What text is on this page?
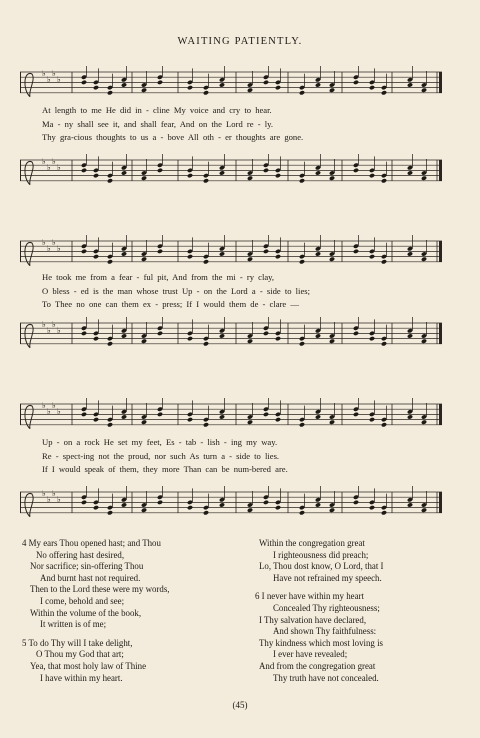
WAITING PATIENTLY.
♭
♭
♭
♭
At length to me He did in - cline My voice and cry to hear.
Ma - ny shall see it, and shall fear, And on the Lord re - ly.
Thy gra-cious thoughts to us a - bove All oth - er thoughts are gone.
♭
♭
♭
♭
♭
♭
♭
♭
He took me from a fear - ful pit, And from the mi - ry clay,
O bless - ed is the man whose trust Up - on the Lord a - side to lies;
To Thee no one can them ex - press; If I would them de - clare —
♭
♭
♭
♭
♭
♭
♭
♭
Up - on a rock He set my feet, Es - tab - lish - ing my way.
Re - spect-ing not the proud, nor such As turn a - side to lies.
If I would speak of them, they more Than can be num-bered are.
♭
♭
♭
♭
4 My ears Thou opened hast; and Thou
No offering hast desired,
Nor sacrifice; sin-offering Thou
And burnt hast not required.
Then to the Lord these were my words,
I come, behold and see;
Within the volume of the book,
It written is of me;
5 To do Thy will I take delight,
O Thou my God that art;
Yea, that most holy law of Thine
I have within my heart.
Within the congregation great
I righteousness did preach;
Lo, Thou dost know, O Lord, that I
Have not refrained my speech.
6 I never have within my heart
Concealed Thy righteousness;
I Thy salvation have declared,
And shown Thy faithfulness:
Thy kindness which most loving is
I ever have revealed;
And from the congregation great
Thy truth have not concealed.
(45)
